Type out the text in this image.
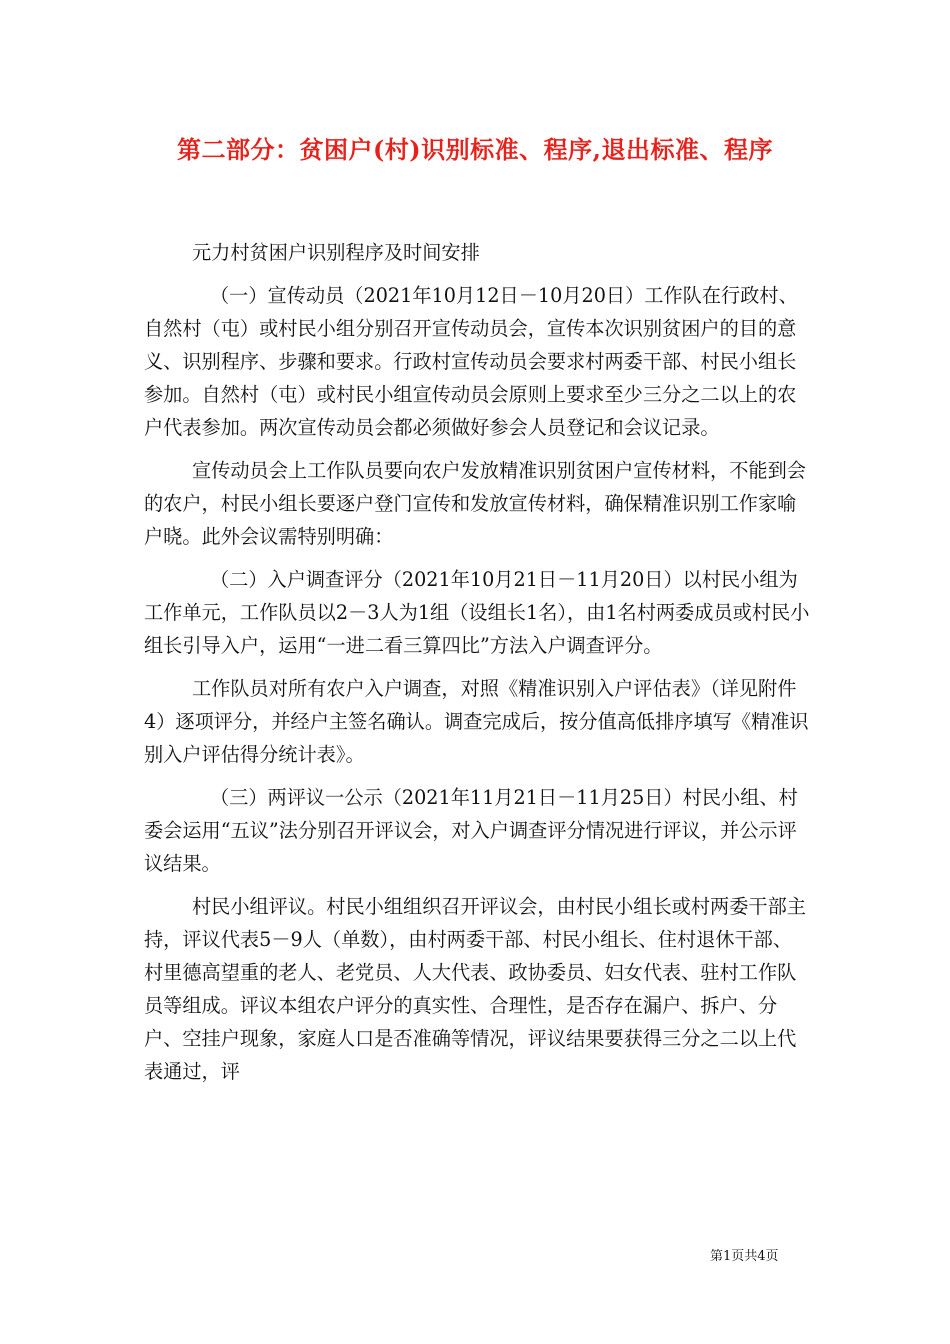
第二部分：贫困户(村)识别标准、程序,退出标准、程序

元力村贫困户识别程序及时间安排

（一）宣传动员（2021年10月12日－10月20日）工作队在行政村、自然村（屯）或村民小组分别召开宣传动员会，宣传本次识别贫困户的目的意义、识别程序、步骤和要求。行政村宣传动员会要求村两委干部、村民小组长参加。自然村（屯）或村民小组宣传动员会原则上要求至少三分之二以上的农户代表参加。两次宣传动员会都必须做好参会人员登记和会议记录。

宣传动员会上工作队员要向农户发放精准识别贫困户宣传材料，不能到会的农户，村民小组长要逐户登门宣传和发放宣传材料，确保精准识别工作家喻户晓。此外会议需特别明确：

（二）入户调查评分（2021年10月21日－11月20日）以村民小组为工作单元，工作队员以2－3人为1组（设组长1名），由1名村两委成员或村民小组长引导入户，运用“一进二看三算四比”方法入户调查评分。

工作队员对所有农户入户调查，对照《精准识别入户评估表》（详见附件4）逐项评分，并经户主签名确认。调查完成后，按分值高低排序填写《精准识别入户评估得分统计表》。

（三）两评议一公示（2021年11月21日－11月25日）村民小组、村委会运用“五议”法分别召开评议会，对入户调查评分情况进行评议，并公示评议结果。

村民小组评议。村民小组组织召开评议会，由村民小组长或村两委干部主持，评议代表5－9人（单数），由村两委干部、村民小组长、住村退休干部、村里德高望重的老人、老党员、人大代表、政协委员、妇女代表、驻村工作队员等组成。评议本组农户评分的真实性、合理性，是否存在漏户、拆户、分户、空挂户现象，家庭人口是否准确等情况，评议结果要获得三分之二以上代表通过，评

第1页共4页
